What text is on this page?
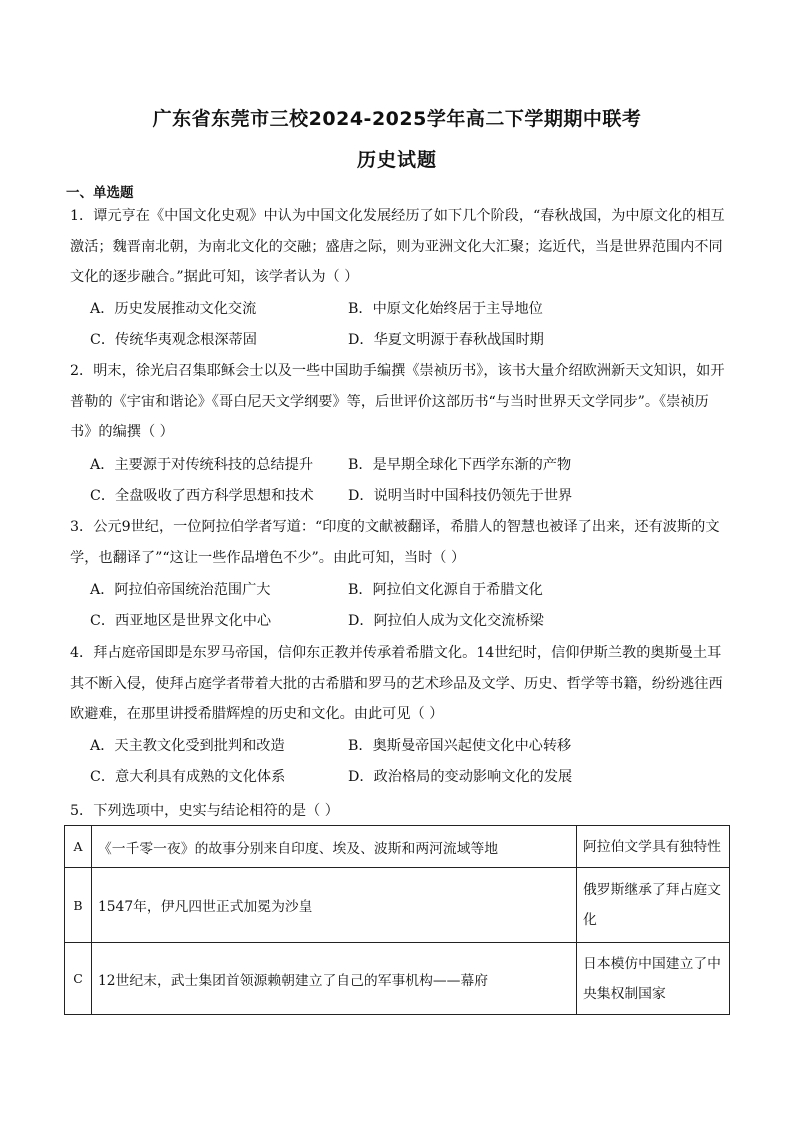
广东省东莞市三校2024-2025学年高二下学期期中联考
历史试题
一、单选题
1．谭元亨在《中国文化史观》中认为中国文化发展经历了如下几个阶段，“春秋战国，为中原文化的相互激活；魏晋南北朝，为南北文化的交融；盛唐之际，则为亚洲文化大汇聚；迄近代，当是世界范围内不同文化的逐步融合。”据此可知，该学者认为（ ）
A．历史发展推动文化交流	B．中原文化始终居于主导地位
C．传统华夷观念根深蒂固	D．华夏文明源于春秋战国时期
2．明末，徐光启召集耶稣会士以及一些中国助手编撰《崇祯历书》，该书大量介绍欧洲新天文知识，如开普勒的《宇宙和谐论》《哥白尼天文学纲要》等，后世评价这部历书“与当时世界天文学同步”。《崇祯历书》的编撰（ ）
A．主要源于对传统科技的总结提升 B．是早期全球化下西学东渐的产物
C．全盘吸收了西方科学思想和技术 D．说明当时中国科技仍领先于世界
3．公元9世纪，一位阿拉伯学者写道：“印度的文献被翻译，希腊人的智慧也被译了出来，还有波斯的文学，也翻译了”“这让一些作品增色不少”。由此可知，当时（ ）
A．阿拉伯帝国统治范围广大	B．阿拉伯文化源自于希腊文化
C．西亚地区是世界文化中心	D．阿拉伯人成为文化交流桥梁
4．拜占庭帝国即是东罗马帝国，信仰东正教并传承着希腊文化。14世纪时，信仰伊斯兰教的奥斯曼土耳其不断入侵，使拜占庭学者带着大批的古希腊和罗马的艺术珍品及文学、历史、哲学等书籍，纷纷逃往西欧避难，在那里讲授希腊辉煌的历史和文化。由此可见（ ）
A．天主教文化受到批判和改造	B．奥斯曼帝国兴起使文化中心转移
C．意大利具有成熟的文化体系	D．政治格局的变动影响文化的发展
5．下列选项中，史实与结论相符的是（ ）
A	《一千零一夜》的故事分别来自印度、埃及、波斯和两河流域等地	阿拉伯文学具有独特性
B	1547年，伊凡四世正式加冕为沙皇	俄罗斯继承了拜占庭文化
C	12世纪末，武士集团首领源赖朝建立了自己的军事机构——幕府	日本模仿中国建立了中央集权制国家
